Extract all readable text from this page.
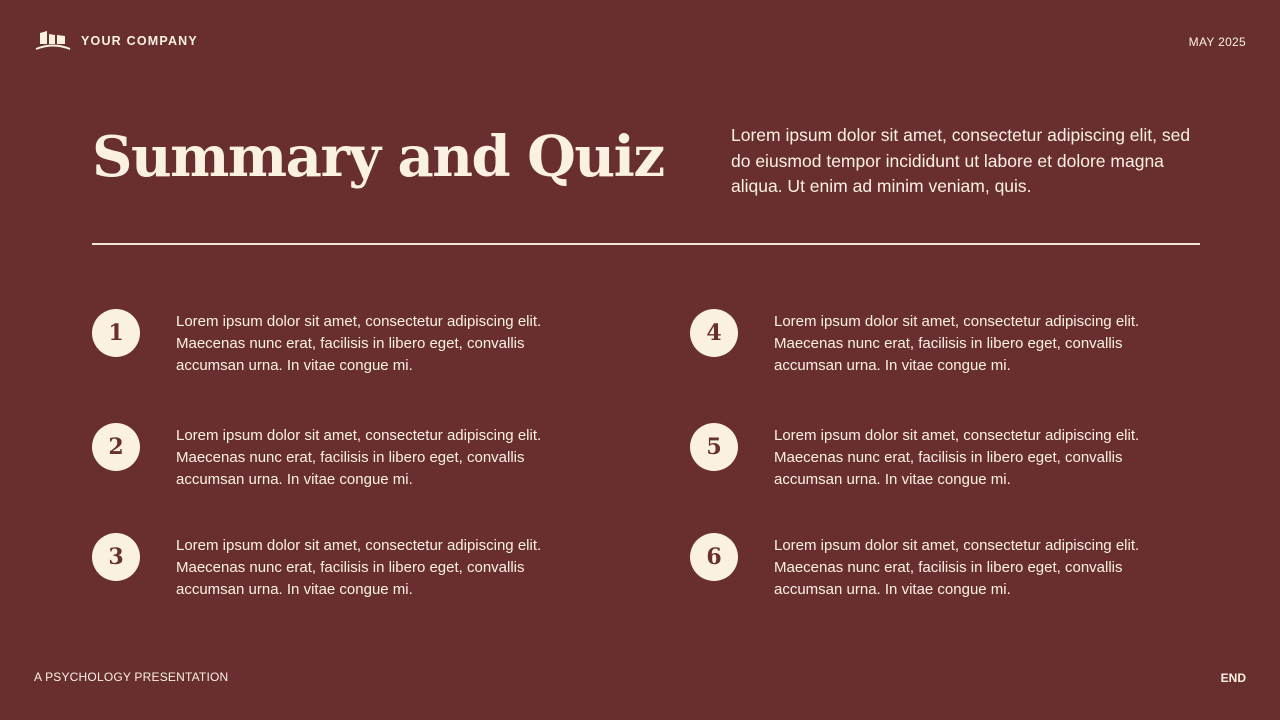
YOUR COMPANY	MAY 2025
Summary and Quiz	Lorem ipsum dolor sit amet, consectetur adipiscing elit, sed do eiusmod tempor incididunt ut labore et dolore magna aliqua. Ut enim ad minim veniam, quis.

1	Lorem ipsum dolor sit amet, consectetur adipiscing elit. Maecenas nunc erat, facilisis in libero eget, convallis accumsan urna. In vitae congue mi.

2	Lorem ipsum dolor sit amet, consectetur adipiscing elit. Maecenas nunc erat, facilisis in libero eget, convallis accumsan urna. In vitae congue mi.

3	Lorem ipsum dolor sit amet, consectetur adipiscing elit. Maecenas nunc erat, facilisis in libero eget, convallis accumsan urna. In vitae congue mi.

4	Lorem ipsum dolor sit amet, consectetur adipiscing elit. Maecenas nunc erat, facilisis in libero eget, convallis accumsan urna. In vitae congue mi.

5	Lorem ipsum dolor sit amet, consectetur adipiscing elit. Maecenas nunc erat, facilisis in libero eget, convallis accumsan urna. In vitae congue mi.

6	Lorem ipsum dolor sit amet, consectetur adipiscing elit. Maecenas nunc erat, facilisis in libero eget, convallis accumsan urna. In vitae congue mi.

A PSYCHOLOGY PRESENTATION	END
